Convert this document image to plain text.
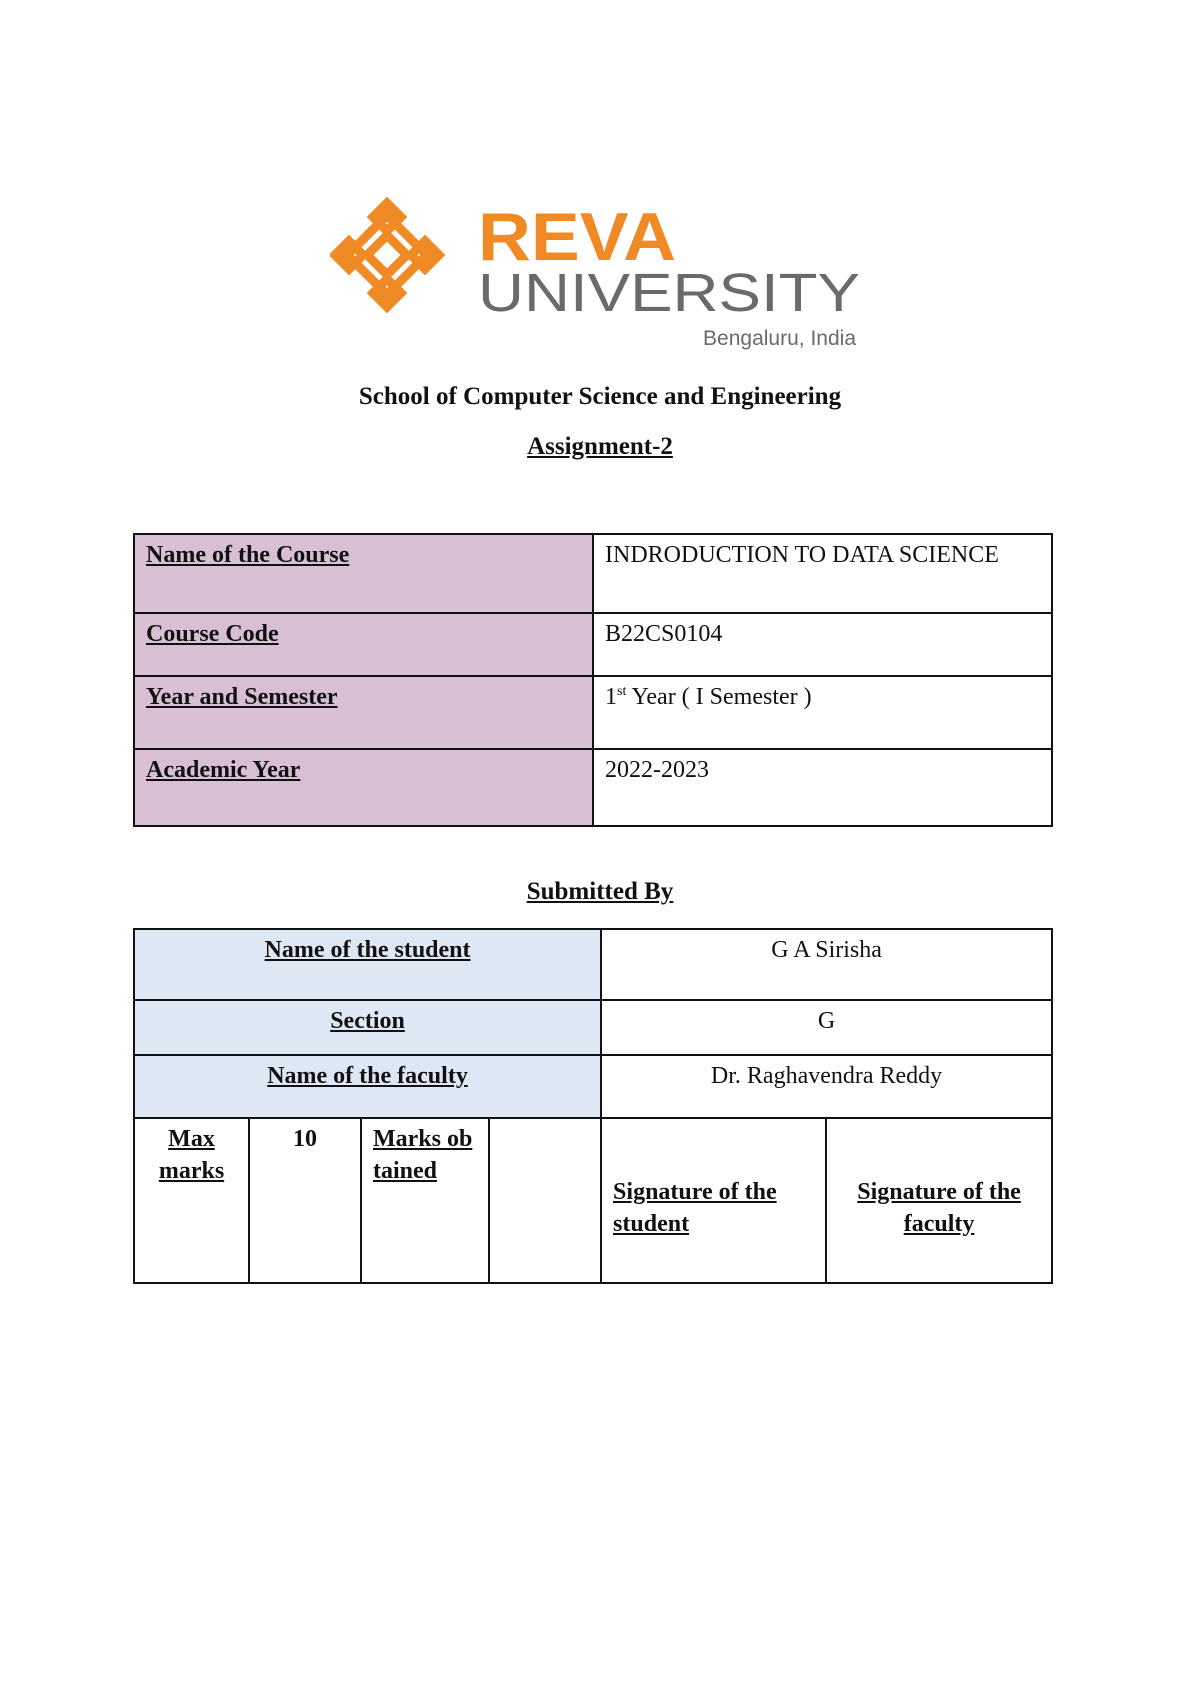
REVA
UNIVERSITY
Bengaluru, India
School of Computer Science and Engineering
Assignment-2
Name of the Course	INDRODUCTION TO DATA SCIENCE
Course Code	B22CS0104
Year and Semester	1st Year ( I Semester )
Academic Year	2022-2023
Submitted By
Name of the student				G A Sirisha	
Section				G	
Name of the faculty				Dr. Raghavendra Reddy	
Max marks	10	Marks obtained		Signature of the student	Signature of the faculty
